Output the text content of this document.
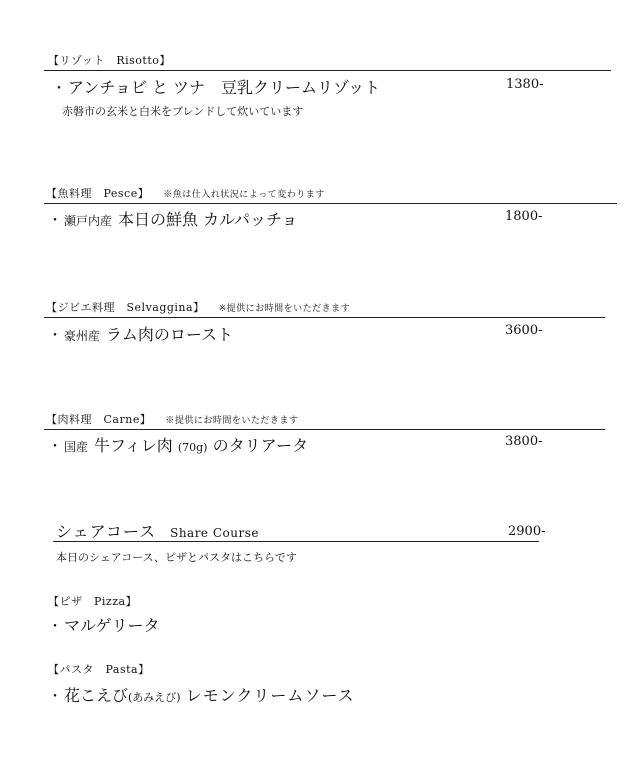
【リゾット　Risotto】
・ アンチョビ と ツナ　豆乳クリームリゾット	1380-
赤磐市の玄米と白米をブレンドして炊いています
【魚料理　Pesce】 ※魚は仕入れ状況によって変わります
・ 瀬戸内産 本日の鮮魚 カルパッチョ	1800-
【ジビエ料理　Selvaggina】 ※提供にお時間をいただきます
・ 豪州産 ラム肉のロースト	3600-
【肉料理　Carne】 ※提供にお時間をいただきます
・ 国産 牛フィレ肉 (70g) のタリアータ	3800-
シェアコース Share Course	2900-
本日のシェアコース、ピザとパスタはこちらです
【ピザ　Pizza】
・ マルゲリータ
【パスタ　Pasta】
・ 花こえび(あみえび) レモンクリームソース
